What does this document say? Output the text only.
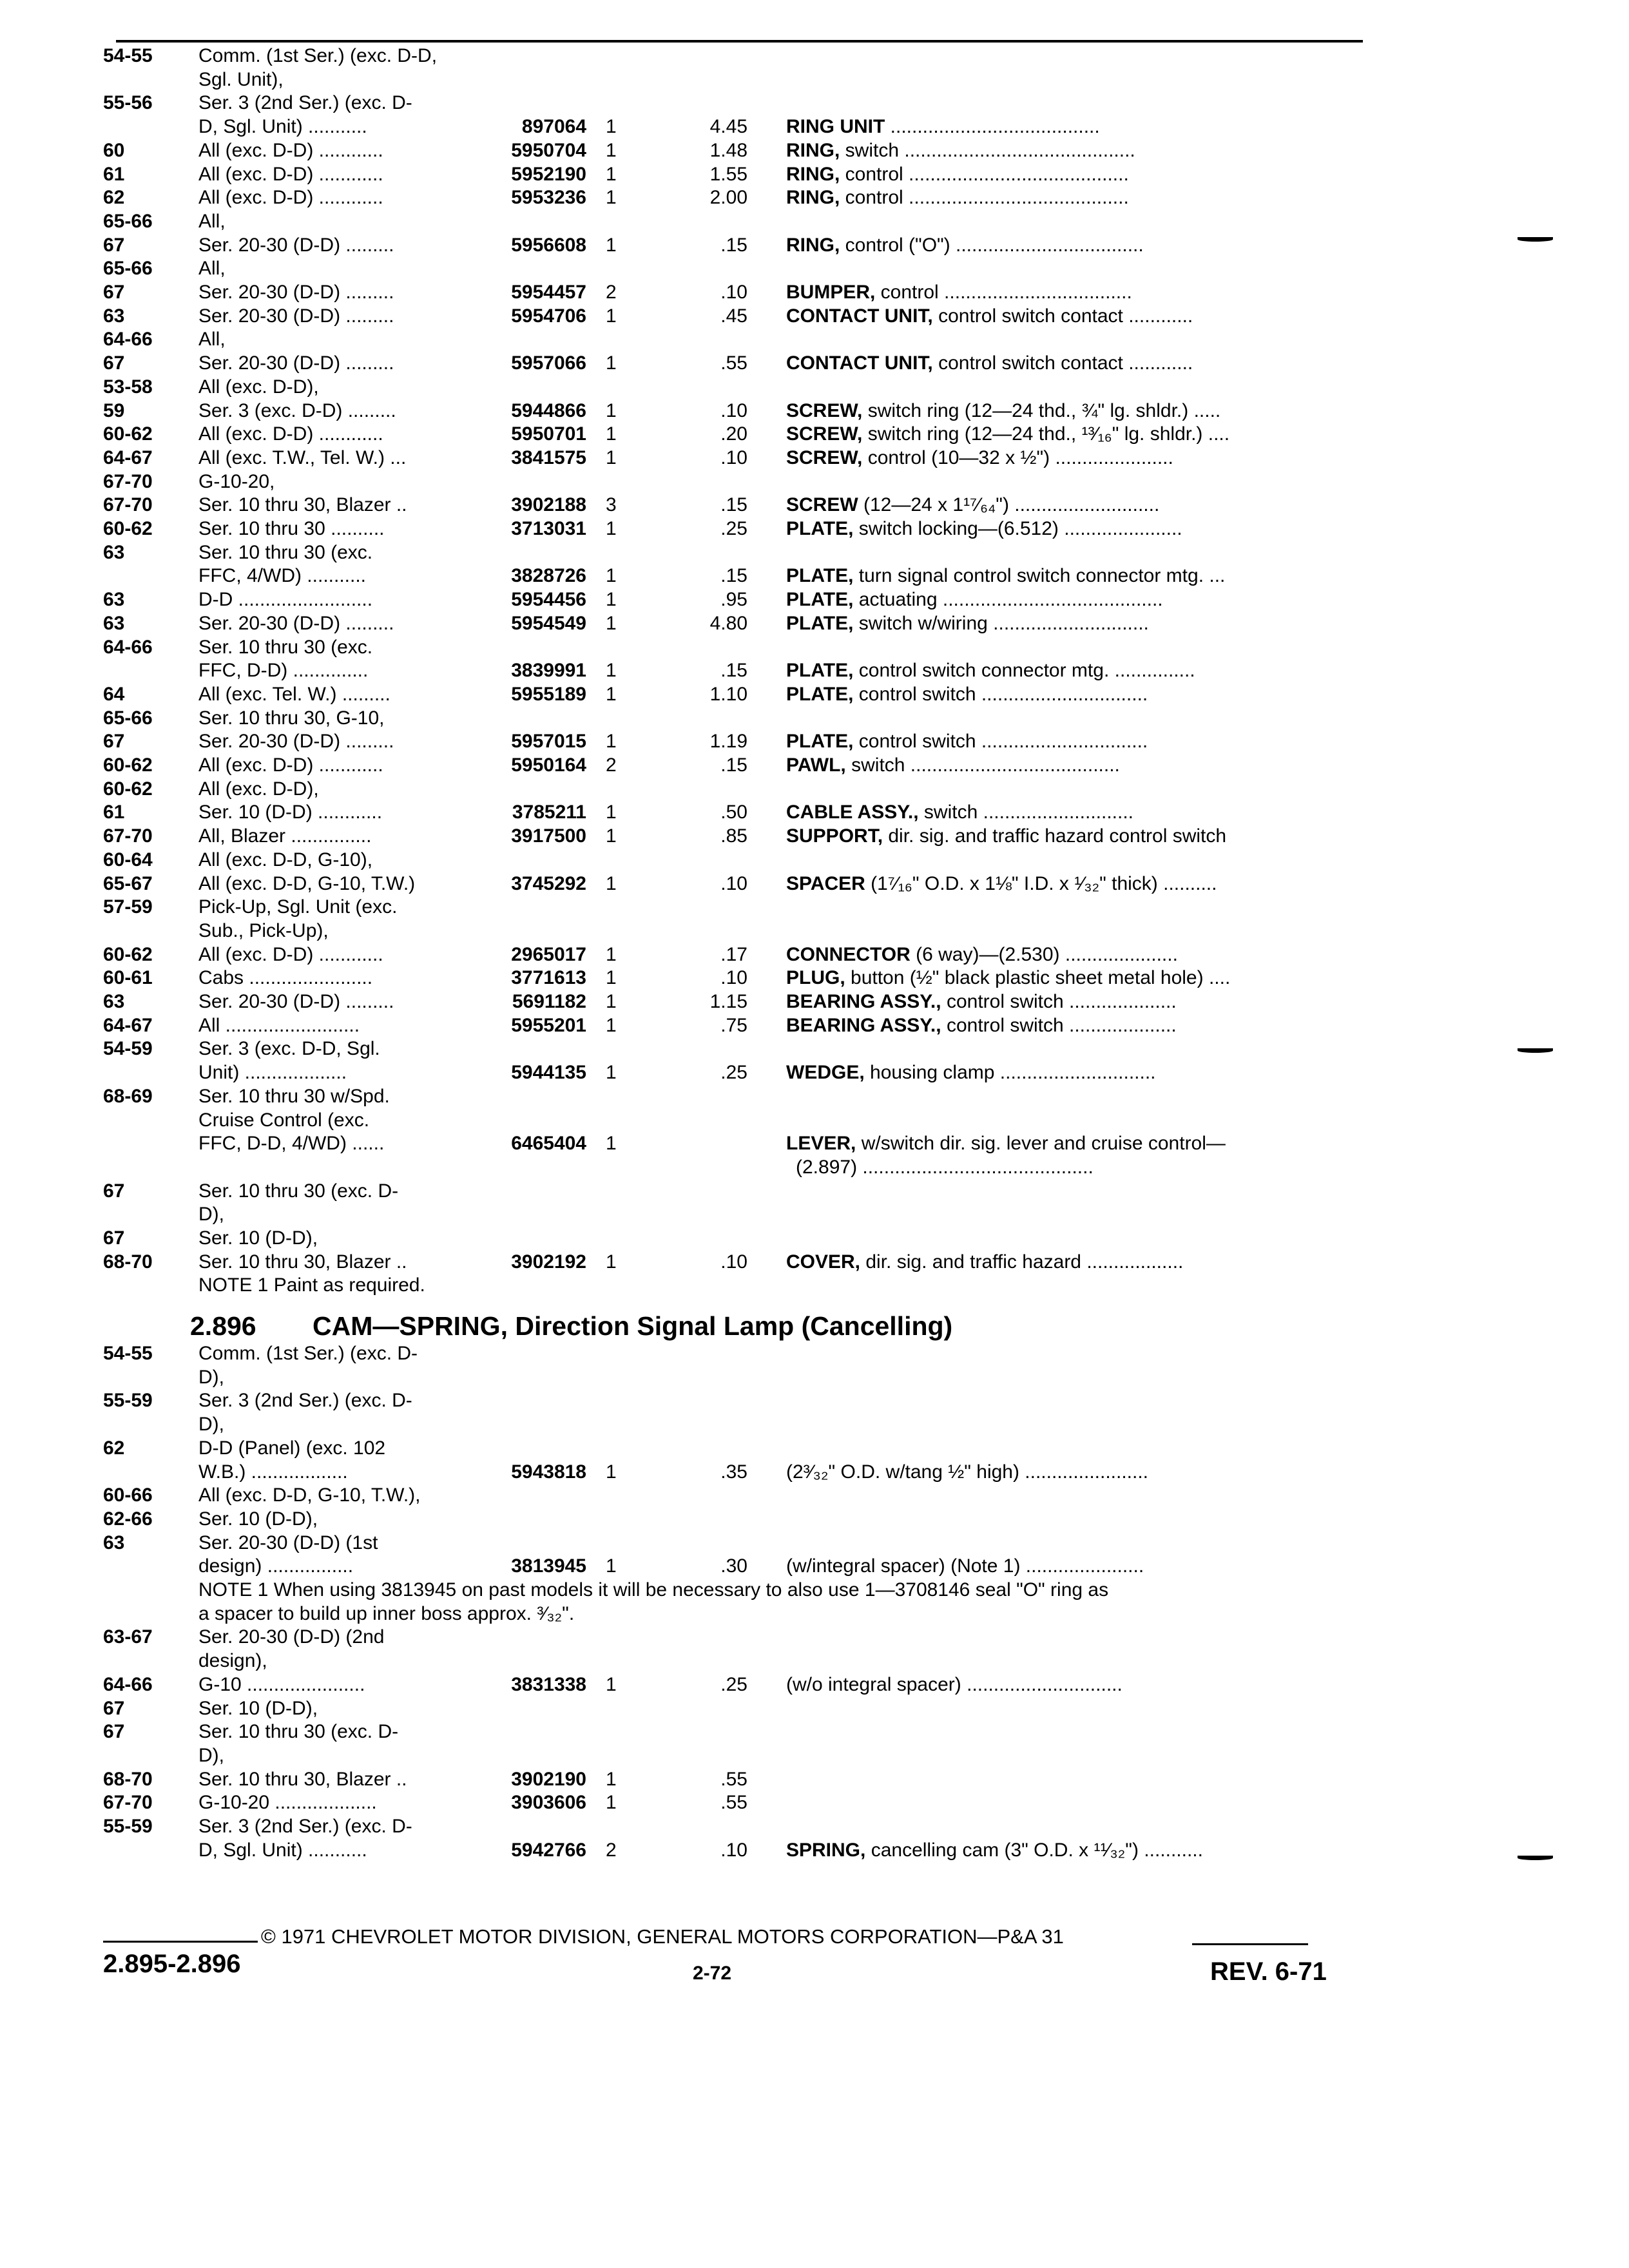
54-55	Comm. (1st Ser.) (exc. D-D,
Sgl. Unit),
55-56	Ser. 3 (2nd Ser.) (exc. D-
D, Sgl. Unit) ...........	897064 1	4.45 RING UNIT .......................................
60	All (exc. D-D) ............	5950704 1	1.48 RING, switch ...........................................
61	All (exc. D-D) ............	5952190 1	1.55 RING, control .........................................
62	All (exc. D-D) ............	5953236 1	2.00 RING, control .........................................
65-66	All,
67	Ser. 20-30 (D-D) .........	5956608 1	.15 RING, control ("O") ...................................
65-66	All,
67	Ser. 20-30 (D-D) .........	5954457 2	.10 BUMPER, control ...................................
63	Ser. 20-30 (D-D) .........	5954706 1	.45 CONTACT UNIT, control switch contact ............
64-66	All,
67	Ser. 20-30 (D-D) .........	5957066 1	.55 CONTACT UNIT, control switch contact ............
53-58	All (exc. D-D),
59	Ser. 3 (exc. D-D) .........	5944866 1	.10 SCREW, switch ring (12—24 thd., ¾" lg. shldr.) .....
60-62	All (exc. D-D) ............	5950701 1	.20 SCREW, switch ring (12—24 thd., ¹³⁄₁₆" lg. shldr.) ....
64-67	All (exc. T.W., Tel. W.) ...	3841575 1	.10 SCREW, control (10—32 x ½") ......................
67-70	G-10-20,
67-70	Ser. 10 thru 30, Blazer ..	3902188 3	.15 SCREW (12—24 x 1¹⁷⁄₆₄") ...........................
60-62	Ser. 10 thru 30 ..........	3713031 1	.25 PLATE, switch locking—(6.512) ......................
63	Ser. 10 thru 30 (exc.
FFC, 4/WD) ...........	3828726 1	.15 PLATE, turn signal control switch connector mtg. ...
63	D-D .........................	5954456 1	.95 PLATE, actuating .........................................
63	Ser. 20-30 (D-D) .........	5954549 1	4.80 PLATE, switch w/wiring .............................
64-66	Ser. 10 thru 30 (exc.
FFC, D-D) ..............	3839991 1	.15 PLATE, control switch connector mtg. ...............
64	All (exc. Tel. W.) .........	5955189 1	1.10 PLATE, control switch ...............................
65-66	Ser. 10 thru 30, G-10,
67	Ser. 20-30 (D-D) .........	5957015 1	1.19 PLATE, control switch ...............................
60-62	All (exc. D-D) ............	5950164 2	.15 PAWL, switch .......................................
60-62	All (exc. D-D),
61	Ser. 10 (D-D) ............	3785211 1	.50 CABLE ASSY., switch ............................
67-70	All, Blazer ...............	3917500 1	.85 SUPPORT, dir. sig. and traffic hazard control switch
60-64	All (exc. D-D, G-10),
65-67	All (exc. D-D, G-10, T.W.)	3745292 1	.10 SPACER (1⁷⁄₁₆" O.D. x 1⅛" I.D. x ¹⁄₃₂" thick) ..........
57-59	Pick-Up, Sgl. Unit (exc.
Sub., Pick-Up),
60-62	All (exc. D-D) ............	2965017 1	.17 CONNECTOR (6 way)—(2.530) .....................
60-61	Cabs .......................	3771613 1	.10 PLUG, button (½" black plastic sheet metal hole) ....
63	Ser. 20-30 (D-D) .........	5691182 1	1.15 BEARING ASSY., control switch ....................
64-67	All .........................	5955201 1	.75 BEARING ASSY., control switch ....................
54-59	Ser. 3 (exc. D-D, Sgl.
Unit) ...................	5944135 1	.25 WEDGE, housing clamp .............................
68-69	Ser. 10 thru 30 w/Spd.
Cruise Control (exc.
FFC, D-D, 4/WD) ......	6465404 1	LEVER, w/switch dir. sig. lever and cruise control—
(2.897) ...........................................
67	Ser. 10 thru 30 (exc. D-
D),
67	Ser. 10 (D-D),
68-70	Ser. 10 thru 30, Blazer ..	3902192 1	.10 COVER, dir. sig. and traffic hazard ..................
NOTE 1 Paint as required.
2.896 CAM—SPRING, Direction Signal Lamp (Cancelling)
54-55	Comm. (1st Ser.) (exc. D-
D),
55-59	Ser. 3 (2nd Ser.) (exc. D-
D),
62	D-D (Panel) (exc. 102
W.B.) ..................	5943818 1	.35 (2³⁄₃₂" O.D. w/tang ½" high) .......................
60-66	All (exc. D-D, G-10, T.W.),
62-66	Ser. 10 (D-D),
63	Ser. 20-30 (D-D) (1st
design) ................	3813945 1	.30 (w/integral spacer) (Note 1) ......................
NOTE 1 When using 3813945 on past models it will be necessary to also use 1—3708146 seal "O" ring as
a spacer to build up inner boss approx. ³⁄₃₂".
63-67	Ser. 20-30 (D-D) (2nd
design),
64-66	G-10 ......................	3831338 1	.25 (w/o integral spacer) .............................
67	Ser. 10 (D-D),
67	Ser. 10 thru 30 (exc. D-
D),
68-70	Ser. 10 thru 30, Blazer ..	3902190 1	.55
67-70	G-10-20 ...................	3903606 1	.55
55-59	Ser. 3 (2nd Ser.) (exc. D-
D, Sgl. Unit) ...........	5942766 2	.10 SPRING, cancelling cam (3" O.D. x ¹¹⁄₃₂") ...........
© 1971 CHEVROLET MOTOR DIVISION, GENERAL MOTORS CORPORATION—P&A 31
2.895-2.896	2-72	REV. 6-71
